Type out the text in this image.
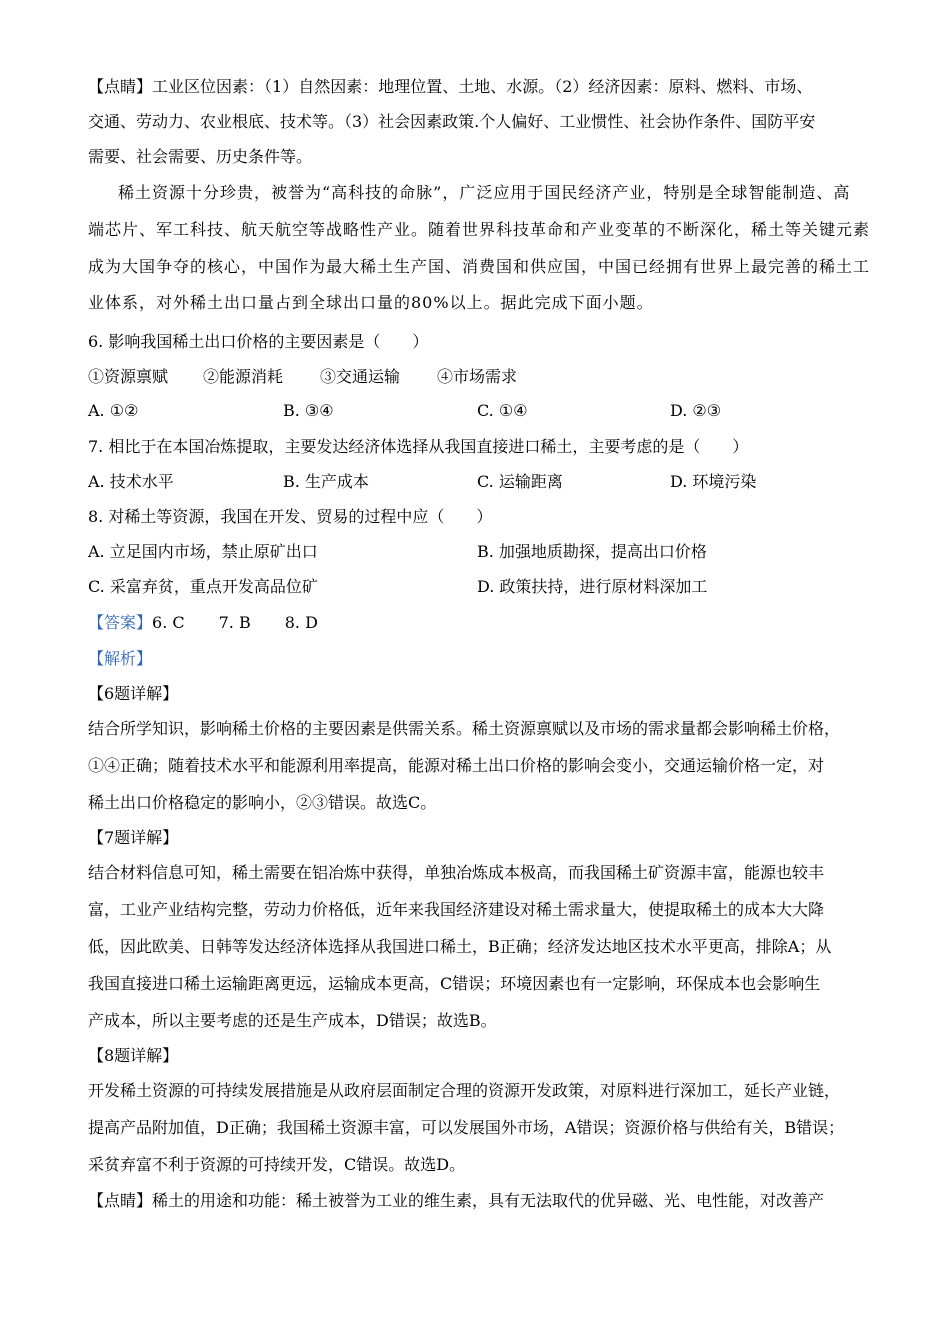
【点睛】工业区位因素：（1）自然因素：地理位置、土地、水源。（2）经济因素：原料、燃料、市场、
交通、劳动力、农业根底、技术等。（3）社会因素政策.个人偏好、工业惯性、社会协作条件、国防平安
需要、社会需要、历史条件等。
稀土资源十分珍贵，被誉为“高科技的命脉”，广泛应用于国民经济产业，特别是全球智能制造、高
端芯片、军工科技、航天航空等战略性产业。随着世界科技革命和产业变革的不断深化，稀土等关键元素
成为大国争夺的核心，中国作为最大稀土生产国、消费国和供应国，中国已经拥有世界上最完善的稀土工
业体系，对外稀土出口量占到全球出口量的80%以上。据此完成下面小题。
6. 影响我国稀土出口价格的主要因素是（　　）
①资源禀赋 ②能源消耗 ③交通运输 ④市场需求
A. ①②	B. ③④	C. ①④	D. ②③
7. 相比于在本国冶炼提取，主要发达经济体选择从我国直接进口稀土，主要考虑的是（　　）
A. 技术水平	B. 生产成本	C. 运输距离	D. 环境污染
8. 对稀土等资源，我国在开发、贸易的过程中应（　　）
A. 立足国内市场，禁止原矿出口	B. 加强地质勘探，提高出口价格
C. 采富弃贫，重点开发高品位矿	D. 政策扶持，进行原材料深加工
【答案】6. C 7. B 8. D
【解析】
【6题详解】
结合所学知识，影响稀土价格的主要因素是供需关系。稀土资源禀赋以及市场的需求量都会影响稀土价格，
①④正确；随着技术水平和能源利用率提高，能源对稀土出口价格的影响会变小，交通运输价格一定，对
稀土出口价格稳定的影响小，②③错误。故选C。
【7题详解】
结合材料信息可知，稀土需要在铝冶炼中获得，单独冶炼成本极高，而我国稀土矿资源丰富，能源也较丰
富，工业产业结构完整，劳动力价格低，近年来我国经济建设对稀土需求量大，使提取稀土的成本大大降
低，因此欧美、日韩等发达经济体选择从我国进口稀土，B正确；经济发达地区技术水平更高，排除A；从
我国直接进口稀土运输距离更远，运输成本更高，C错误；环境因素也有一定影响，环保成本也会影响生
产成本，所以主要考虑的还是生产成本，D错误；故选B。
【8题详解】
开发稀土资源的可持续发展措施是从政府层面制定合理的资源开发政策，对原料进行深加工，延长产业链，
提高产品附加值，D正确；我国稀土资源丰富，可以发展国外市场，A错误；资源价格与供给有关，B错误；
采贫弃富不利于资源的可持续开发，C错误。故选D。
【点睛】稀土的用途和功能：稀土被誉为工业的维生素，具有无法取代的优异磁、光、电性能，对改善产
